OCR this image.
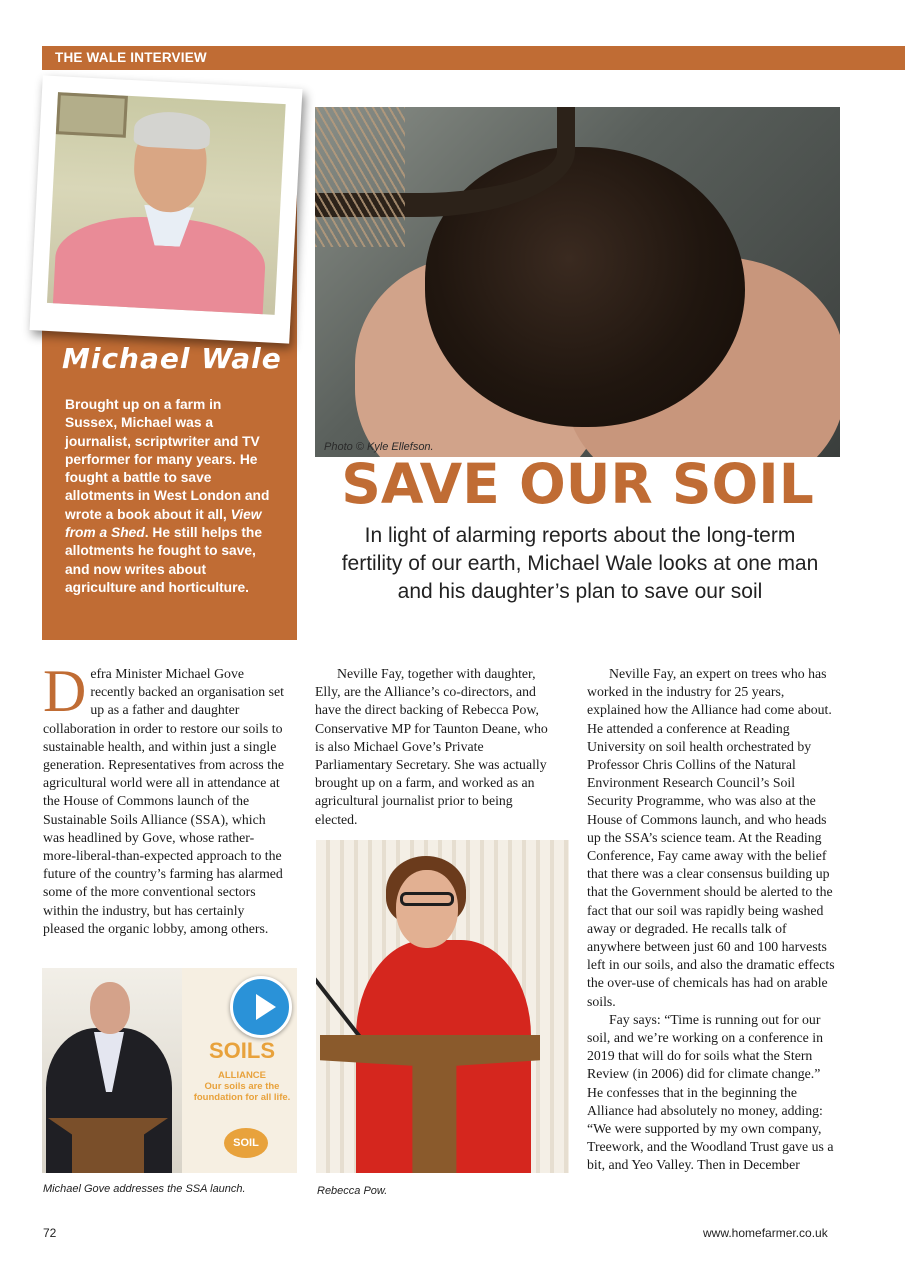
THE WALE INTERVIEW
Michael Wale
Brought up on a farm in Sussex, Michael was a journalist, scriptwriter and TV performer for many years. He fought a battle to save allotments in West London and wrote a book about it all, View from a Shed. He still helps the allotments he fought to save, and now writes about agriculture and horticulture.
Photo © Kyle Ellefson.
SAVE OUR SOIL
In light of alarming reports about the long-term fertility of our earth, Michael Wale looks at one man and his daughter’s plan to save our soil

Defra Minister Michael Gove recently backed an organisation set up as a father and daughter collaboration in order to restore our soils to sustainable health, and within just a single generation. Representatives from across the agricultural world were all in attendance at the House of Commons launch of the Sustainable Soils Alliance (SSA), which was headlined by Gove, whose rather-more-liberal-than-expected approach to the future of the country’s farming has alarmed some of the more conventional sectors within the industry, but has certainly pleased the organic lobby, among others.

Neville Fay, together with daughter, Elly, are the Alliance’s co-directors, and have the direct backing of Rebecca Pow, Conservative MP for Taunton Deane, who is also Michael Gove’s Private Parliamentary Secretary. She was actually brought up on a farm, and worked as an agricultural journalist prior to being elected.

Neville Fay, an expert on trees who has worked in the industry for 25 years, explained how the Alliance had come about. He attended a conference at Reading University on soil health orchestrated by Professor Chris Collins of the Natural Environment Research Council’s Soil Security Programme, who was also at the House of Commons launch, and who heads up the SSA’s science team. At the Reading Conference, Fay came away with the belief that there was a clear consensus building up that the Government should be alerted to the fact that our soil was rapidly being washed away or degraded. He recalls talk of anywhere between just 60 and 100 harvests left in our soils, and also the dramatic effects the over-use of chemicals has had on arable soils.

Fay says: “Time is running out for our soil, and we’re working on a conference in 2019 that will do for soils what the Stern Review (in 2006) did for climate change.” He confesses that in the beginning the Alliance had absolutely no money, adding: “We were supported by my own company, Treework, and the Woodland Trust gave us a bit, and Yeo Valley. Then in December

SOILS
ALLIANCE
Our soils are the foundation for all life.
SOIL
Michael Gove addresses the SSA launch.	Rebecca Pow.
72	www.homefarmer.co.uk
